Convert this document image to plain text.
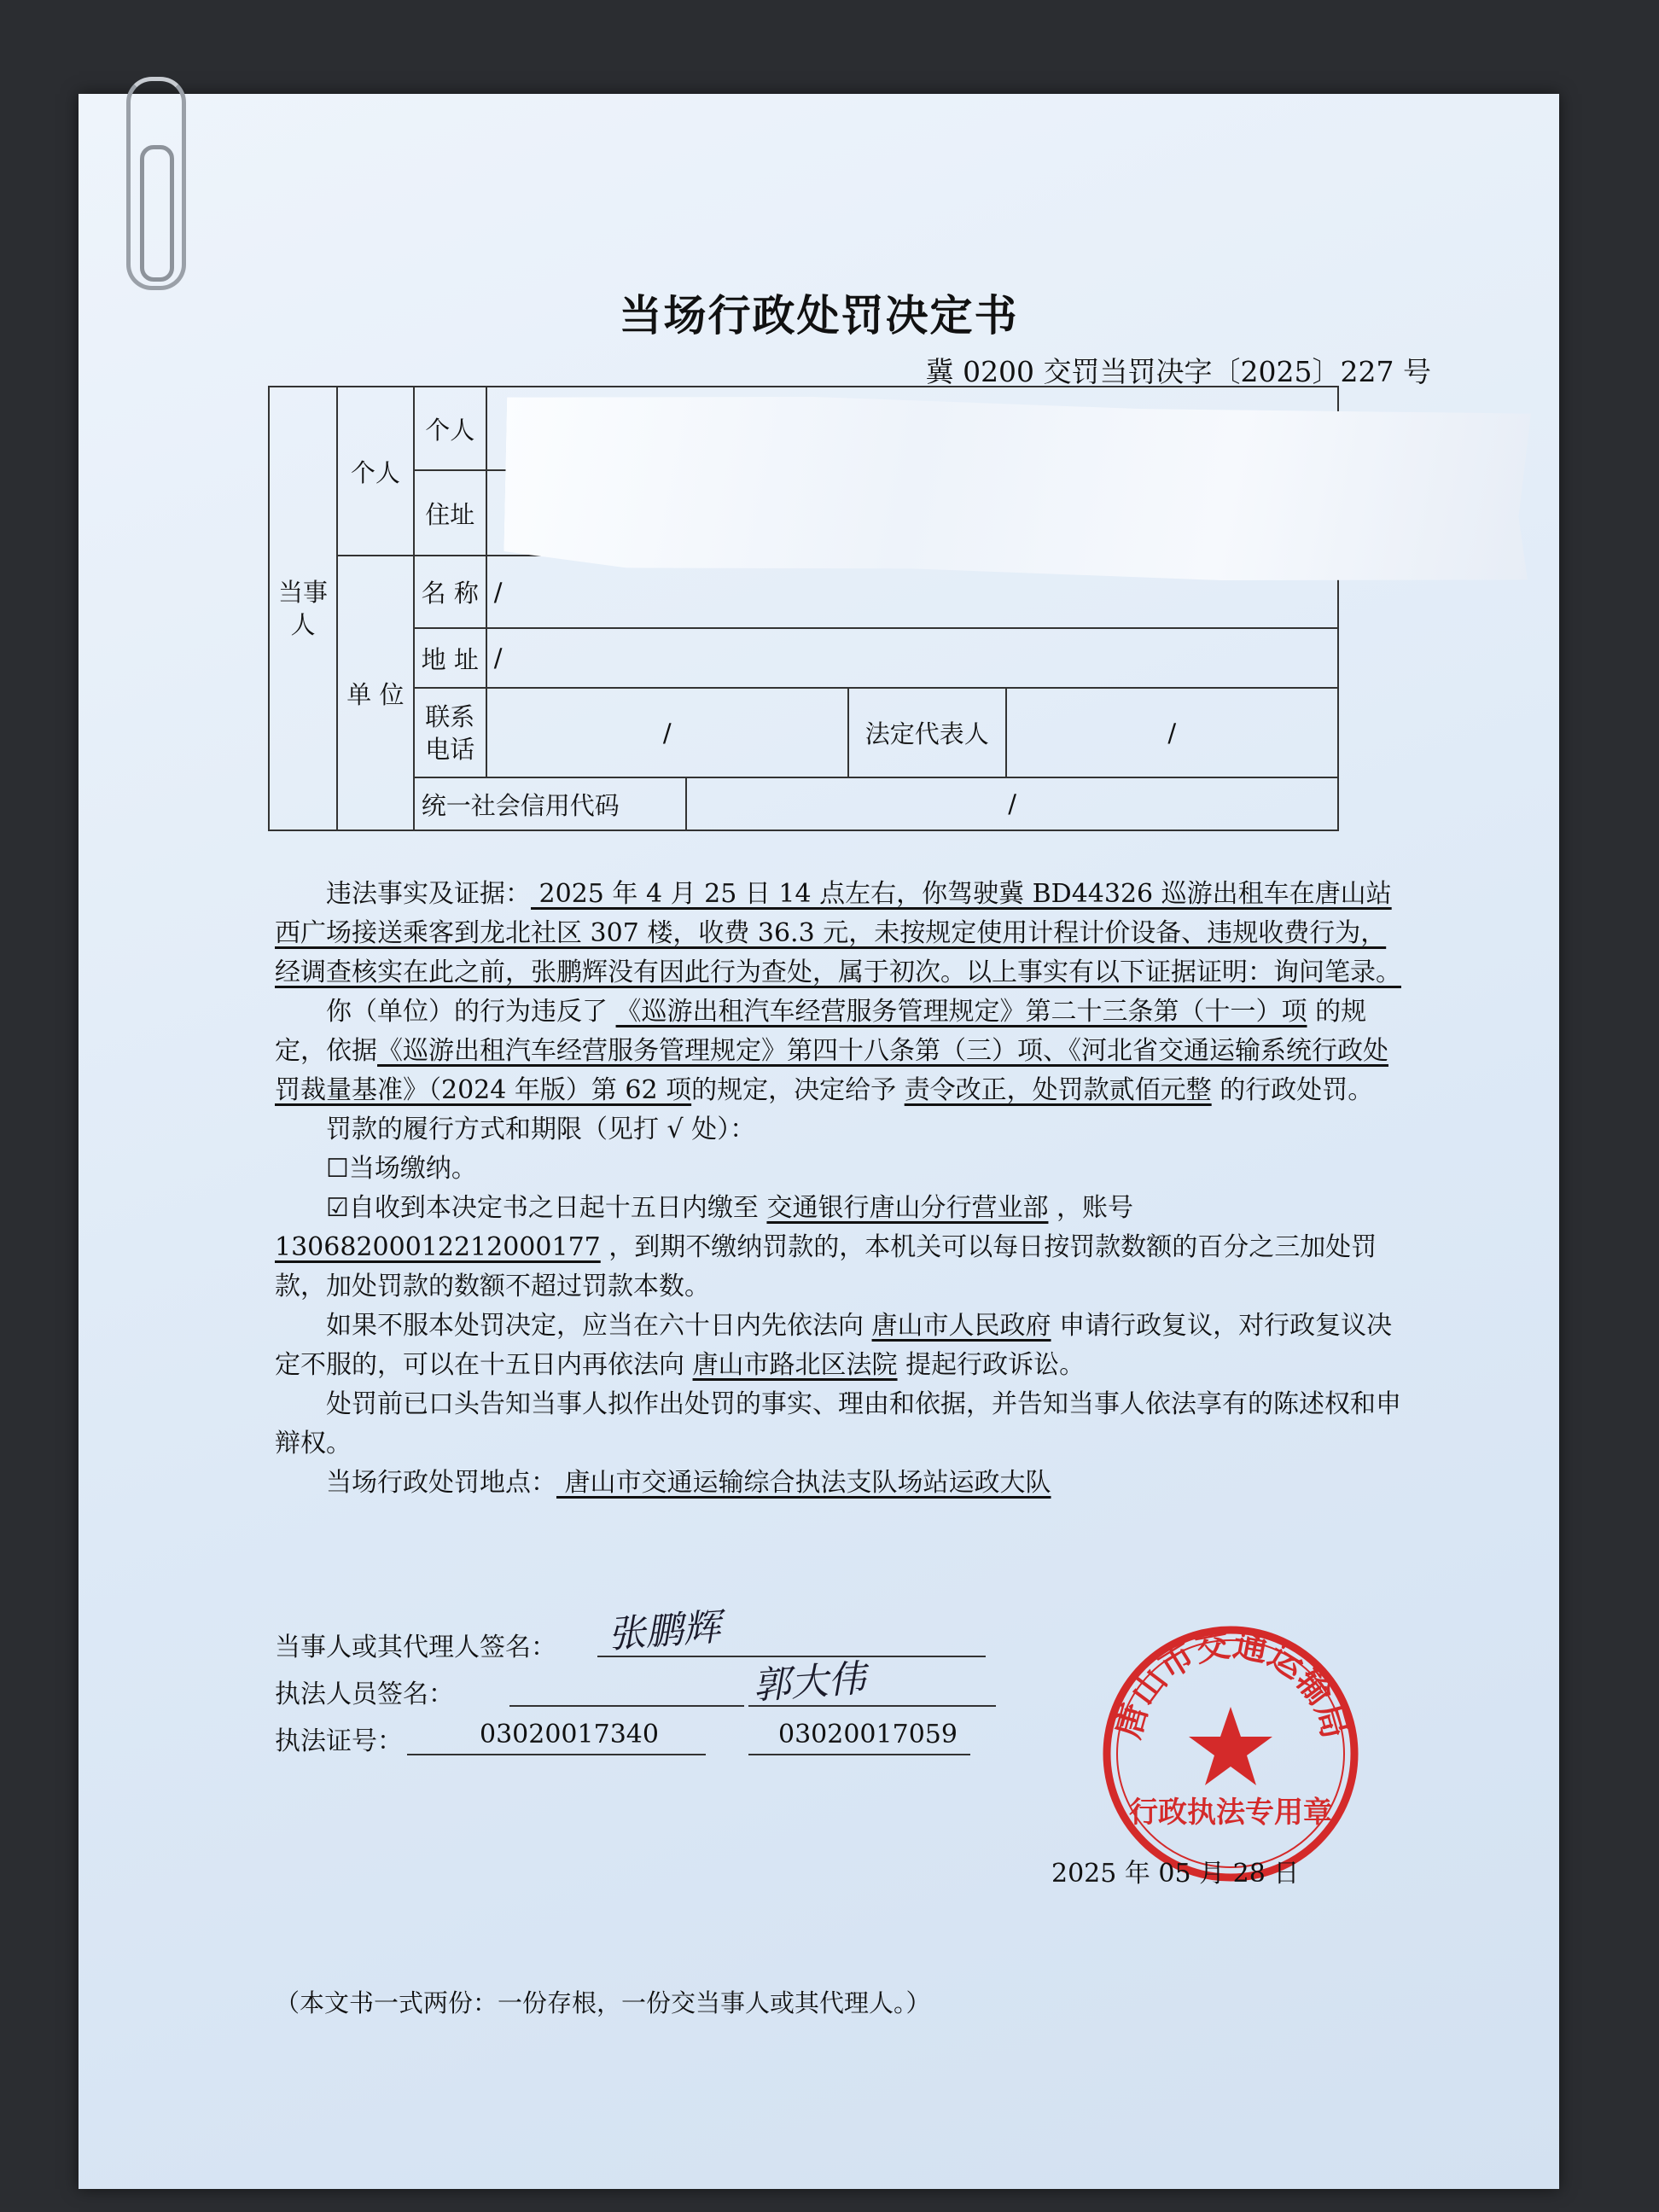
当场行政处罚决定书
冀 0200 交罚当罚决字〔2025〕227 号
当事人	个人	个人				
		住址				
	单 位	名 称	/			
		地 址	/			

		联系电话	/		法定代表人	/
		统一社会信用代码		/		

违法事实及证据： 2025 年 4 月 25 日 14 点左右，你驾驶冀 BD44326 巡游出租车在唐山站西广场接送乘客到龙北社区 307 楼，收费 36.3 元，未按规定使用计程计价设备、违规收费行为，经调查核实在此之前，张鹏辉没有因此行为查处，属于初次。以上事实有以下证据证明：询问笔录。

你（单位）的行为违反了 《巡游出租汽车经营服务管理规定》第二十三条第（十一）项 的规定，依据《巡游出租汽车经营服务管理规定》第四十八条第（三）项、《河北省交通运输系统行政处罚裁量基准》（2024 年版）第 62 项的规定，决定给予 责令改正，处罚款贰佰元整 的行政处罚。

罚款的履行方式和期限（见打 √ 处）：

☐当场缴纳。

☑自收到本决定书之日起十五日内缴至 交通银行唐山分行营业部 ，账号 13068200012212000177 ，到期不缴纳罚款的，本机关可以每日按罚款数额的百分之三加处罚款，加处罚款的数额不超过罚款本数。

如果不服本处罚决定，应当在六十日内先依法向 唐山市人民政府 申请行政复议，对行政复议决定不服的，可以在十五日内再依法向 唐山市路北区法院 提起行政诉讼。

处罚前已口头告知当事人拟作出处罚的事实、理由和依据，并告知当事人依法享有的陈述权和申辩权。

当场行政处罚地点： 唐山市交通运输综合执法支队场站运政大队

当事人或其代理人签名： 张鹏辉
执法人员签名：	郭大伟
执法证号：	03020017340	03020017059	唐山市交通运输局
行政执法专用章
2025 年 05 月 28 日
（本文书一式两份：一份存根，一份交当事人或其代理人。）
